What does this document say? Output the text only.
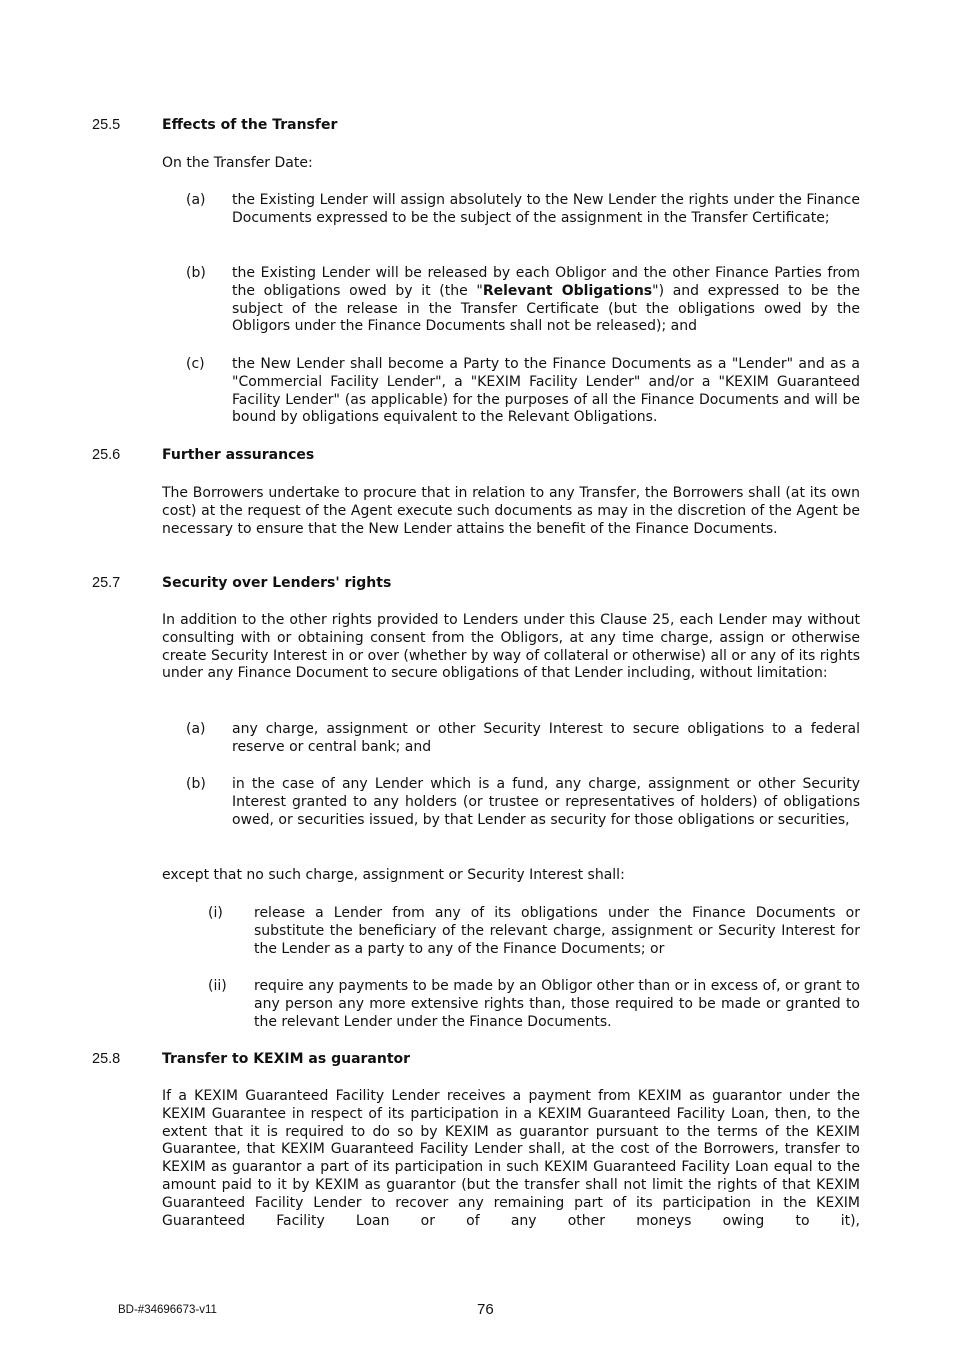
25.5	Effects of the Transfer
On the Transfer Date:
(a) the Existing Lender will assign absolutely to the New Lender the rights under the Finance Documents expressed to be the subject of the assignment in the Transfer Certificate;
(b) the Existing Lender will be released by each Obligor and the other Finance Parties from the obligations owed by it (the "Relevant Obligations") and expressed to be the subject of the release in the Transfer Certificate (but the obligations owed by the Obligors under the Finance Documents shall not be released); and
(c) the New Lender shall become a Party to the Finance Documents as a "Lender" and as a "Commercial Facility Lender", a "KEXIM Facility Lender" and/or a "KEXIM Guaranteed Facility Lender" (as applicable) for the purposes of all the Finance Documents and will be bound by obligations equivalent to the Relevant Obligations.
25.6	Further assurances
The Borrowers undertake to procure that in relation to any Transfer, the Borrowers shall (at its own cost) at the request of the Agent execute such documents as may in the discretion of the Agent be necessary to ensure that the New Lender attains the benefit of the Finance Documents.
25.7	Security over Lenders' rights
In addition to the other rights provided to Lenders under this Clause 25, each Lender may without consulting with or obtaining consent from the Obligors, at any time charge, assign or otherwise create Security Interest in or over (whether by way of collateral or otherwise) all or any of its rights under any Finance Document to secure obligations of that Lender including, without limitation:
(a) any charge, assignment or other Security Interest to secure obligations to a federal reserve or central bank; and
(b) in the case of any Lender which is a fund, any charge, assignment or other Security Interest granted to any holders (or trustee or representatives of holders) of obligations owed, or securities issued, by that Lender as security for those obligations or securities,
except that no such charge, assignment or Security Interest shall:
(i) release a Lender from any of its obligations under the Finance Documents or substitute the beneficiary of the relevant charge, assignment or Security Interest for the Lender as a party to any of the Finance Documents; or
(ii) require any payments to be made by an Obligor other than or in excess of, or grant to any person any more extensive rights than, those required to be made or granted to the relevant Lender under the Finance Documents.
25.8	Transfer to KEXIM as guarantor
If a KEXIM Guaranteed Facility Lender receives a payment from KEXIM as guarantor under the KEXIM Guarantee in respect of its participation in a KEXIM Guaranteed Facility Loan, then, to the extent that it is required to do so by KEXIM as guarantor pursuant to the terms of the KEXIM Guarantee, that KEXIM Guaranteed Facility Lender shall, at the cost of the Borrowers, transfer to KEXIM as guarantor a part of its participation in such KEXIM Guaranteed Facility Loan equal to the amount paid to it by KEXIM as guarantor (but the transfer shall not limit the rights of that KEXIM Guaranteed Facility Lender to recover any remaining part of its participation in the KEXIM Guaranteed Facility Loan or of any other moneys owing to it),
BD-#34696673-v11	76
